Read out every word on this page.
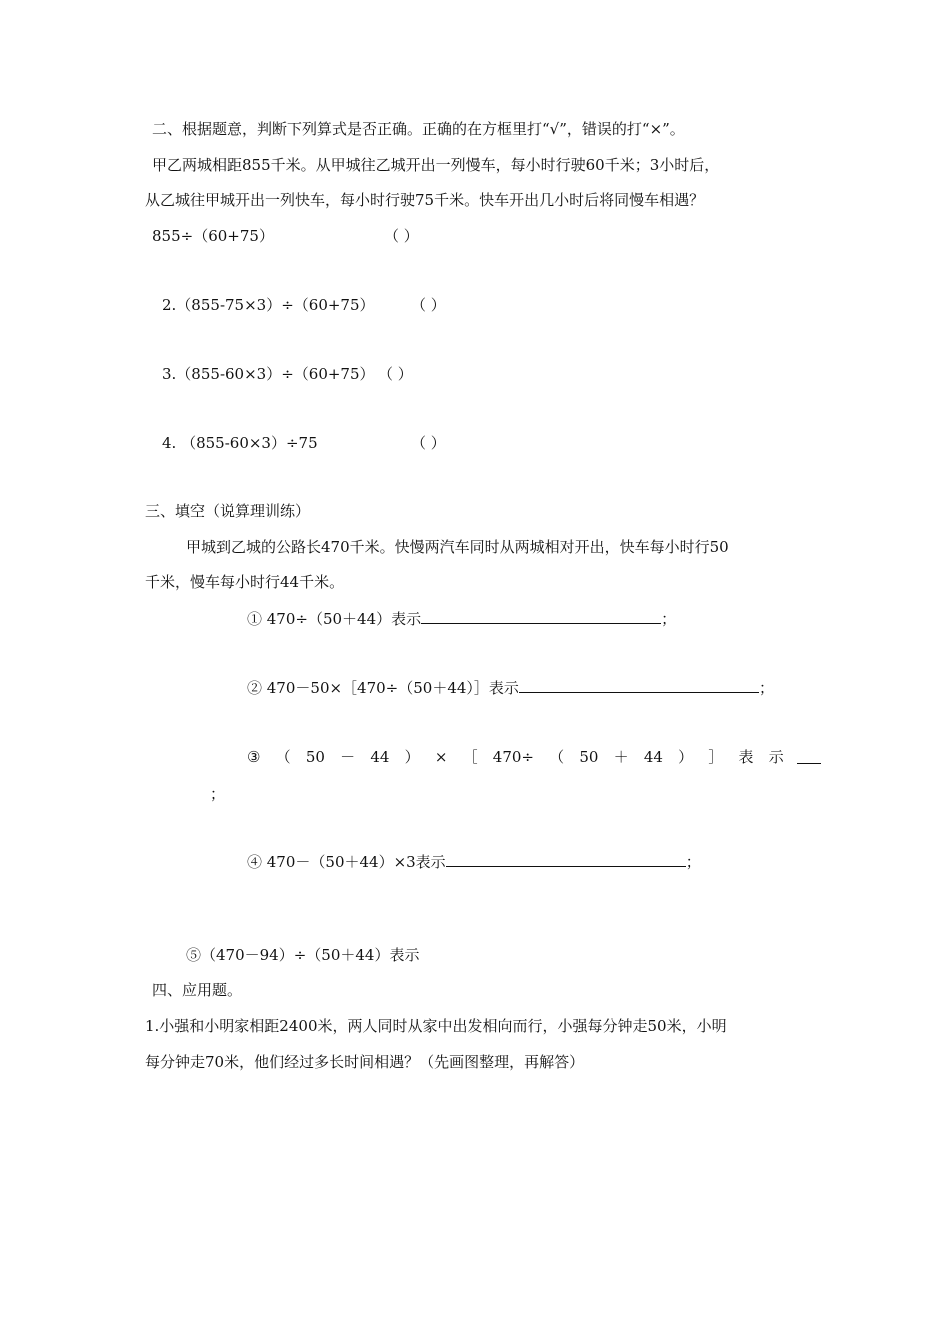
二、根据题意，判断下列算式是否正确。正确的在方框里打“√”，错误的打“×”。
甲乙两城相距855千米。从甲城往乙城开出一列慢车，每小时行驶60千米；3小时后，
从乙城往甲城开出一列快车，每小时行驶75千米。快车开出几小时后将同慢车相遇？
855÷（60+75）	（ ）
2.（855-75×3）÷（60+75） （ ）
3.（855-60×3）÷（60+75） （ ）
4. （855-60×3）÷75	（ ）
三、填空（说算理训练）
甲城到乙城的公路长470千米。快慢两汽车同时从两城相对开出，快车每小时行50
千米，慢车每小时行44千米。
① 470÷（50＋44）表示	；
② 470－50×［470÷（50＋44）］表示	；
③ （ 50 － 44 ） × ［ 470÷ （ 50 ＋ 44 ） ］ 表 示
；
④ 470－（50＋44）×3表示	；
⑤（470－94）÷（50＋44）表示
四、应用题。
1.小强和小明家相距2400米，两人同时从家中出发相向而行，小强每分钟走50米，小明
每分钟走70米，他们经过多长时间相遇？（先画图整理，再解答）
